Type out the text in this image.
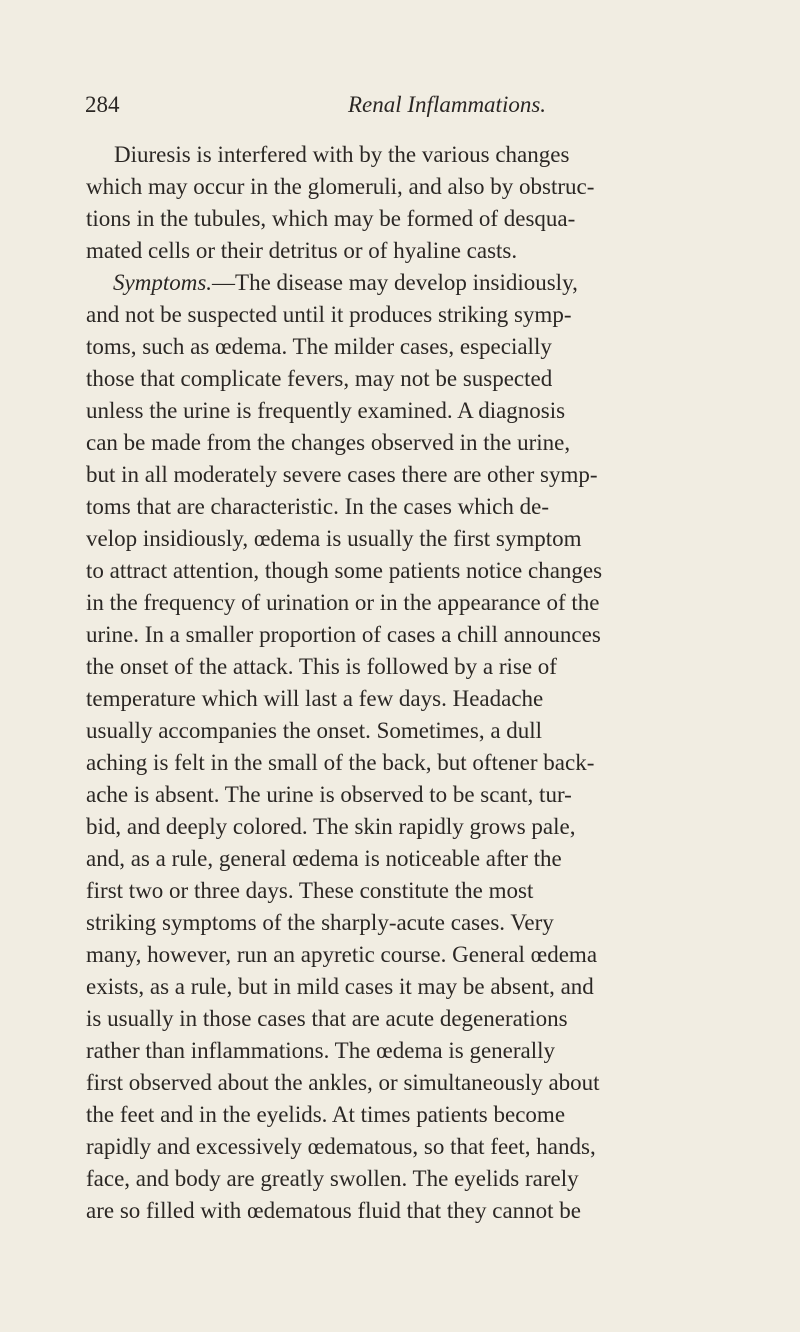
284	Renal Inflammations.
Diuresis is interfered with by the various changes
which may occur in the glomeruli, and also by obstruc-
tions in the tubules, which may be formed of desqua-
mated cells or their detritus or of hyaline casts.
Symptoms.—The disease may develop insidiously,
and not be suspected until it produces striking symp-
toms, such as œdema. The milder cases, especially
those that complicate fevers, may not be suspected
unless the urine is frequently examined. A diagnosis
can be made from the changes observed in the urine,
but in all moderately severe cases there are other symp-
toms that are characteristic. In the cases which de-
velop insidiously, œdema is usually the first symptom
to attract attention, though some patients notice changes
in the frequency of urination or in the appearance of the
urine. In a smaller proportion of cases a chill announces
the onset of the attack. This is followed by a rise of
temperature which will last a few days. Headache
usually accompanies the onset. Sometimes, a dull
aching is felt in the small of the back, but oftener back-
ache is absent. The urine is observed to be scant, tur-
bid, and deeply colored. The skin rapidly grows pale,
and, as a rule, general œdema is noticeable after the
first two or three days. These constitute the most
striking symptoms of the sharply-acute cases. Very
many, however, run an apyretic course. General œdema
exists, as a rule, but in mild cases it may be absent, and
is usually in those cases that are acute degenerations
rather than inflammations. The œdema is generally
first observed about the ankles, or simultaneously about
the feet and in the eyelids. At times patients become
rapidly and excessively œdematous, so that feet, hands,
face, and body are greatly swollen. The eyelids rarely
are so filled with œdematous fluid that they cannot be
